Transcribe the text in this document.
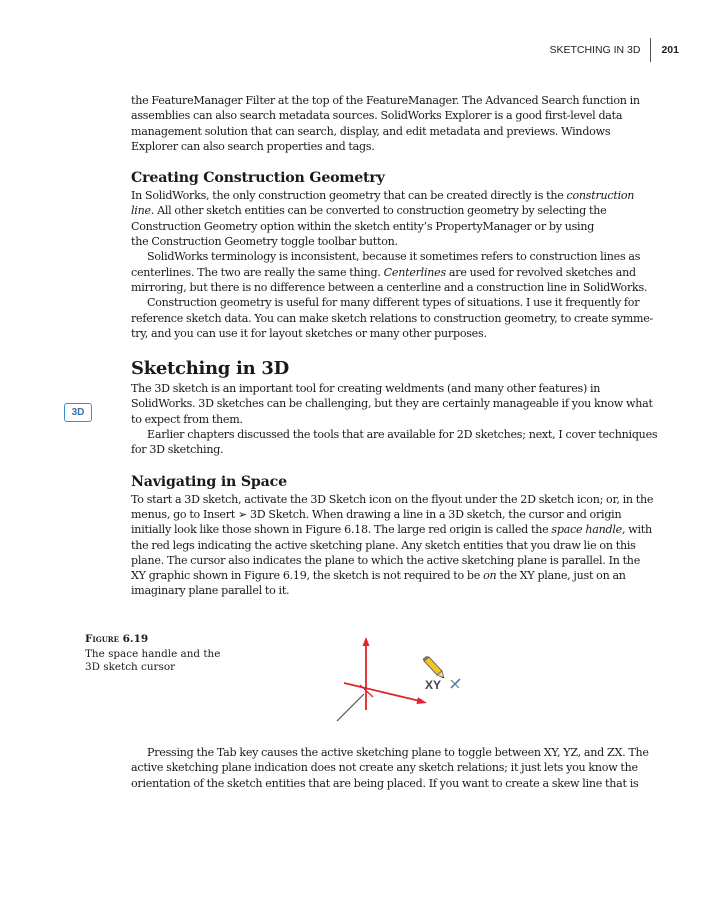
SKETCHING IN 3D 201
3D

the FeatureManager Filter at the top of the FeatureManager. The Advanced Search function in

assemblies can also search metadata sources. SolidWorks Explorer is a good first-level data

management solution that can search, display, and edit metadata and previews. Windows

Explorer can also search properties and tags.

Creating Construction Geometry

In SolidWorks, the only construction geometry that can be created directly is the construction

line. All other sketch entities can be converted to construction geometry by selecting the

Construction Geometry option within the sketch entity’s PropertyManager or by using

the Construction Geometry toggle toolbar button.

SolidWorks terminology is inconsistent, because it sometimes refers to construction lines as

centerlines. The two are really the same thing. Centerlines are used for revolved sketches and

mirroring, but there is no difference between a centerline and a construction line in SolidWorks.

Construction geometry is useful for many different types of situations. I use it frequently for

reference sketch data. You can make sketch relations to construction geometry, to create symme-

try, and you can use it for layout sketches or many other purposes.

Sketching in 3D

The 3D sketch is an important tool for creating weldments (and many other features) in

SolidWorks. 3D sketches can be challenging, but they are certainly manageable if you know what

to expect from them.

Earlier chapters discussed the tools that are available for 2D sketches; next, I cover techniques

for 3D sketching.

Navigating in Space

To start a 3D sketch, activate the 3D Sketch icon on the flyout under the 2D sketch icon; or, in the

menus, go to Insert ➢ 3D Sketch. When drawing a line in a 3D sketch, the cursor and origin

initially look like those shown in Figure 6.18. The large red origin is called the space handle, with

the red legs indicating the active sketching plane. Any sketch entities that you draw lie on this

plane. The cursor also indicates the plane to which the active sketching plane is parallel. In the

XY graphic shown in Figure 6.19, the sketch is not required to be on the XY plane, just on an

imaginary plane parallel to it.

Figure 6.19
The space handle and the
3D sketch cursor
XY

Pressing the Tab key causes the active sketching plane to toggle between XY, YZ, and ZX. The

active sketching plane indication does not create any sketch relations; it just lets you know the

orientation of the sketch entities that are being placed. If you want to create a skew line that is
